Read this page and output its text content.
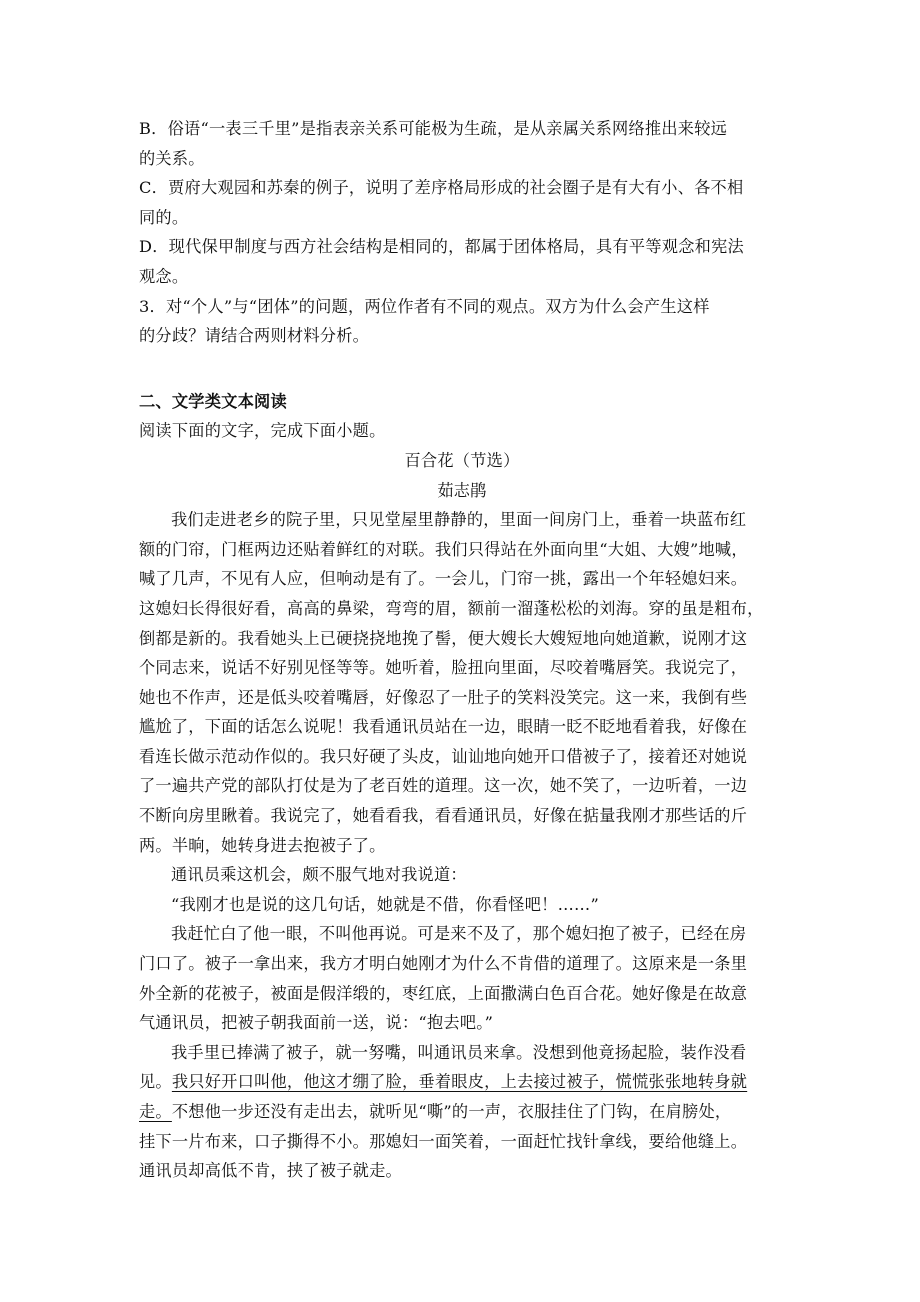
B．俗语“一表三千里”是指表亲关系可能极为生疏，是从亲属关系网络推出来较远
的关系。
C．贾府大观园和苏秦的例子，说明了差序格局形成的社会圈子是有大有小、各不相
同的。
D．现代保甲制度与西方社会结构是相同的，都属于团体格局，具有平等观念和宪法
观念。
3．对“个人”与“团体”的问题，两位作者有不同的观点。双方为什么会产生这样
的分歧？请结合两则材料分析。
二、文学类文本阅读
阅读下面的文字，完成下面小题。
百合花（节选）
茹志鹃
我们走进老乡的院子里，只见堂屋里静静的，里面一间房门上，垂着一块蓝布红
额的门帘，门框两边还贴着鲜红的对联。我们只得站在外面向里“大姐、大嫂”地喊，
喊了几声，不见有人应，但响动是有了。一会儿，门帘一挑，露出一个年轻媳妇来。
这媳妇长得很好看，高高的鼻梁，弯弯的眉，额前一溜蓬松松的刘海。穿的虽是粗布，
倒都是新的。我看她头上已硬挠挠地挽了髻，便大嫂长大嫂短地向她道歉，说刚才这
个同志来，说话不好别见怪等等。她听着，脸扭向里面，尽咬着嘴唇笑。我说完了，
她也不作声，还是低头咬着嘴唇，好像忍了一肚子的笑料没笑完。这一来，我倒有些
尴尬了，下面的话怎么说呢！我看通讯员站在一边，眼睛一眨不眨地看着我，好像在
看连长做示范动作似的。我只好硬了头皮，讪讪地向她开口借被子了，接着还对她说
了一遍共产党的部队打仗是为了老百姓的道理。这一次，她不笑了，一边听着，一边
不断向房里瞅着。我说完了，她看看我，看看通讯员，好像在掂量我刚才那些话的斤
两。半晌，她转身进去抱被子了。
通讯员乘这机会，颇不服气地对我说道：
“我刚才也是说的这几句话，她就是不借，你看怪吧！……”
我赶忙白了他一眼，不叫他再说。可是来不及了，那个媳妇抱了被子，已经在房
门口了。被子一拿出来，我方才明白她刚才为什么不肯借的道理了。这原来是一条里
外全新的花被子，被面是假洋缎的，枣红底，上面撒满白色百合花。她好像是在故意
气通讯员，把被子朝我面前一送，说：“抱去吧。”
我手里已捧满了被子，就一努嘴，叫通讯员来拿。没想到他竟扬起脸，装作没看
见。我只好开口叫他，他这才绷了脸，垂着眼皮，上去接过被子，慌慌张张地转身就
走。不想他一步还没有走出去，就听见“嘶”的一声，衣服挂住了门钩，在肩膀处，
挂下一片布来，口子撕得不小。那媳妇一面笑着，一面赶忙找针拿线，要给他缝上。
通讯员却高低不肯，挟了被子就走。
